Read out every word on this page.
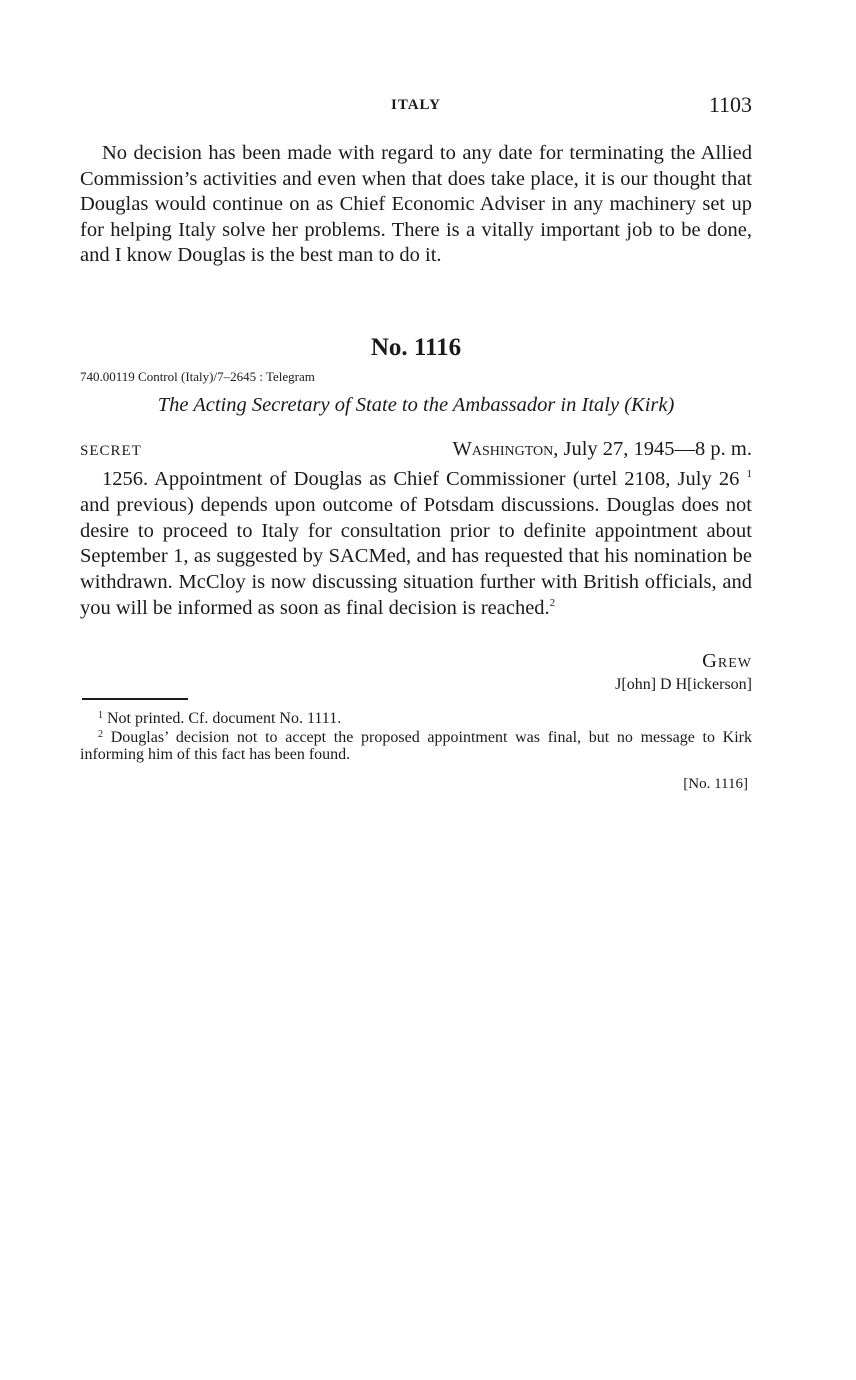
ITALY	1103

No decision has been made with regard to any date for terminating the Allied Commission’s activities and even when that does take place, it is our thought that Douglas would continue on as Chief Economic Adviser in any machinery set up for helping Italy solve her problems. There is a vitally important job to be done, and I know Douglas is the best man to do it.

No. 1116
740.00119 Control (Italy)/7–2645 : Telegram
The Acting Secretary of State to the Ambassador in Italy (Kirk)
SECRET	Washington, July 27, 1945—8 p. m.

1256. Appointment of Douglas as Chief Commissioner (urtel 2108, July 26 $^1$ and previous) depends upon outcome of Potsdam discussions. Douglas does not desire to proceed to Italy for consultation prior to definite appointment about September 1, as suggested by SACMed, and has requested that his nomination be withdrawn. McCloy is now discussing situation further with British officials, and you will be informed as soon as final decision is reached.$^2$

Grew
J[ohn] D H[ickerson]

$^1$ Not printed. Cf. document No. 1111.

$^2$ Douglas’ decision not to accept the proposed appointment was final, but no message to Kirk informing him of this fact has been found.

[No. 1116]
